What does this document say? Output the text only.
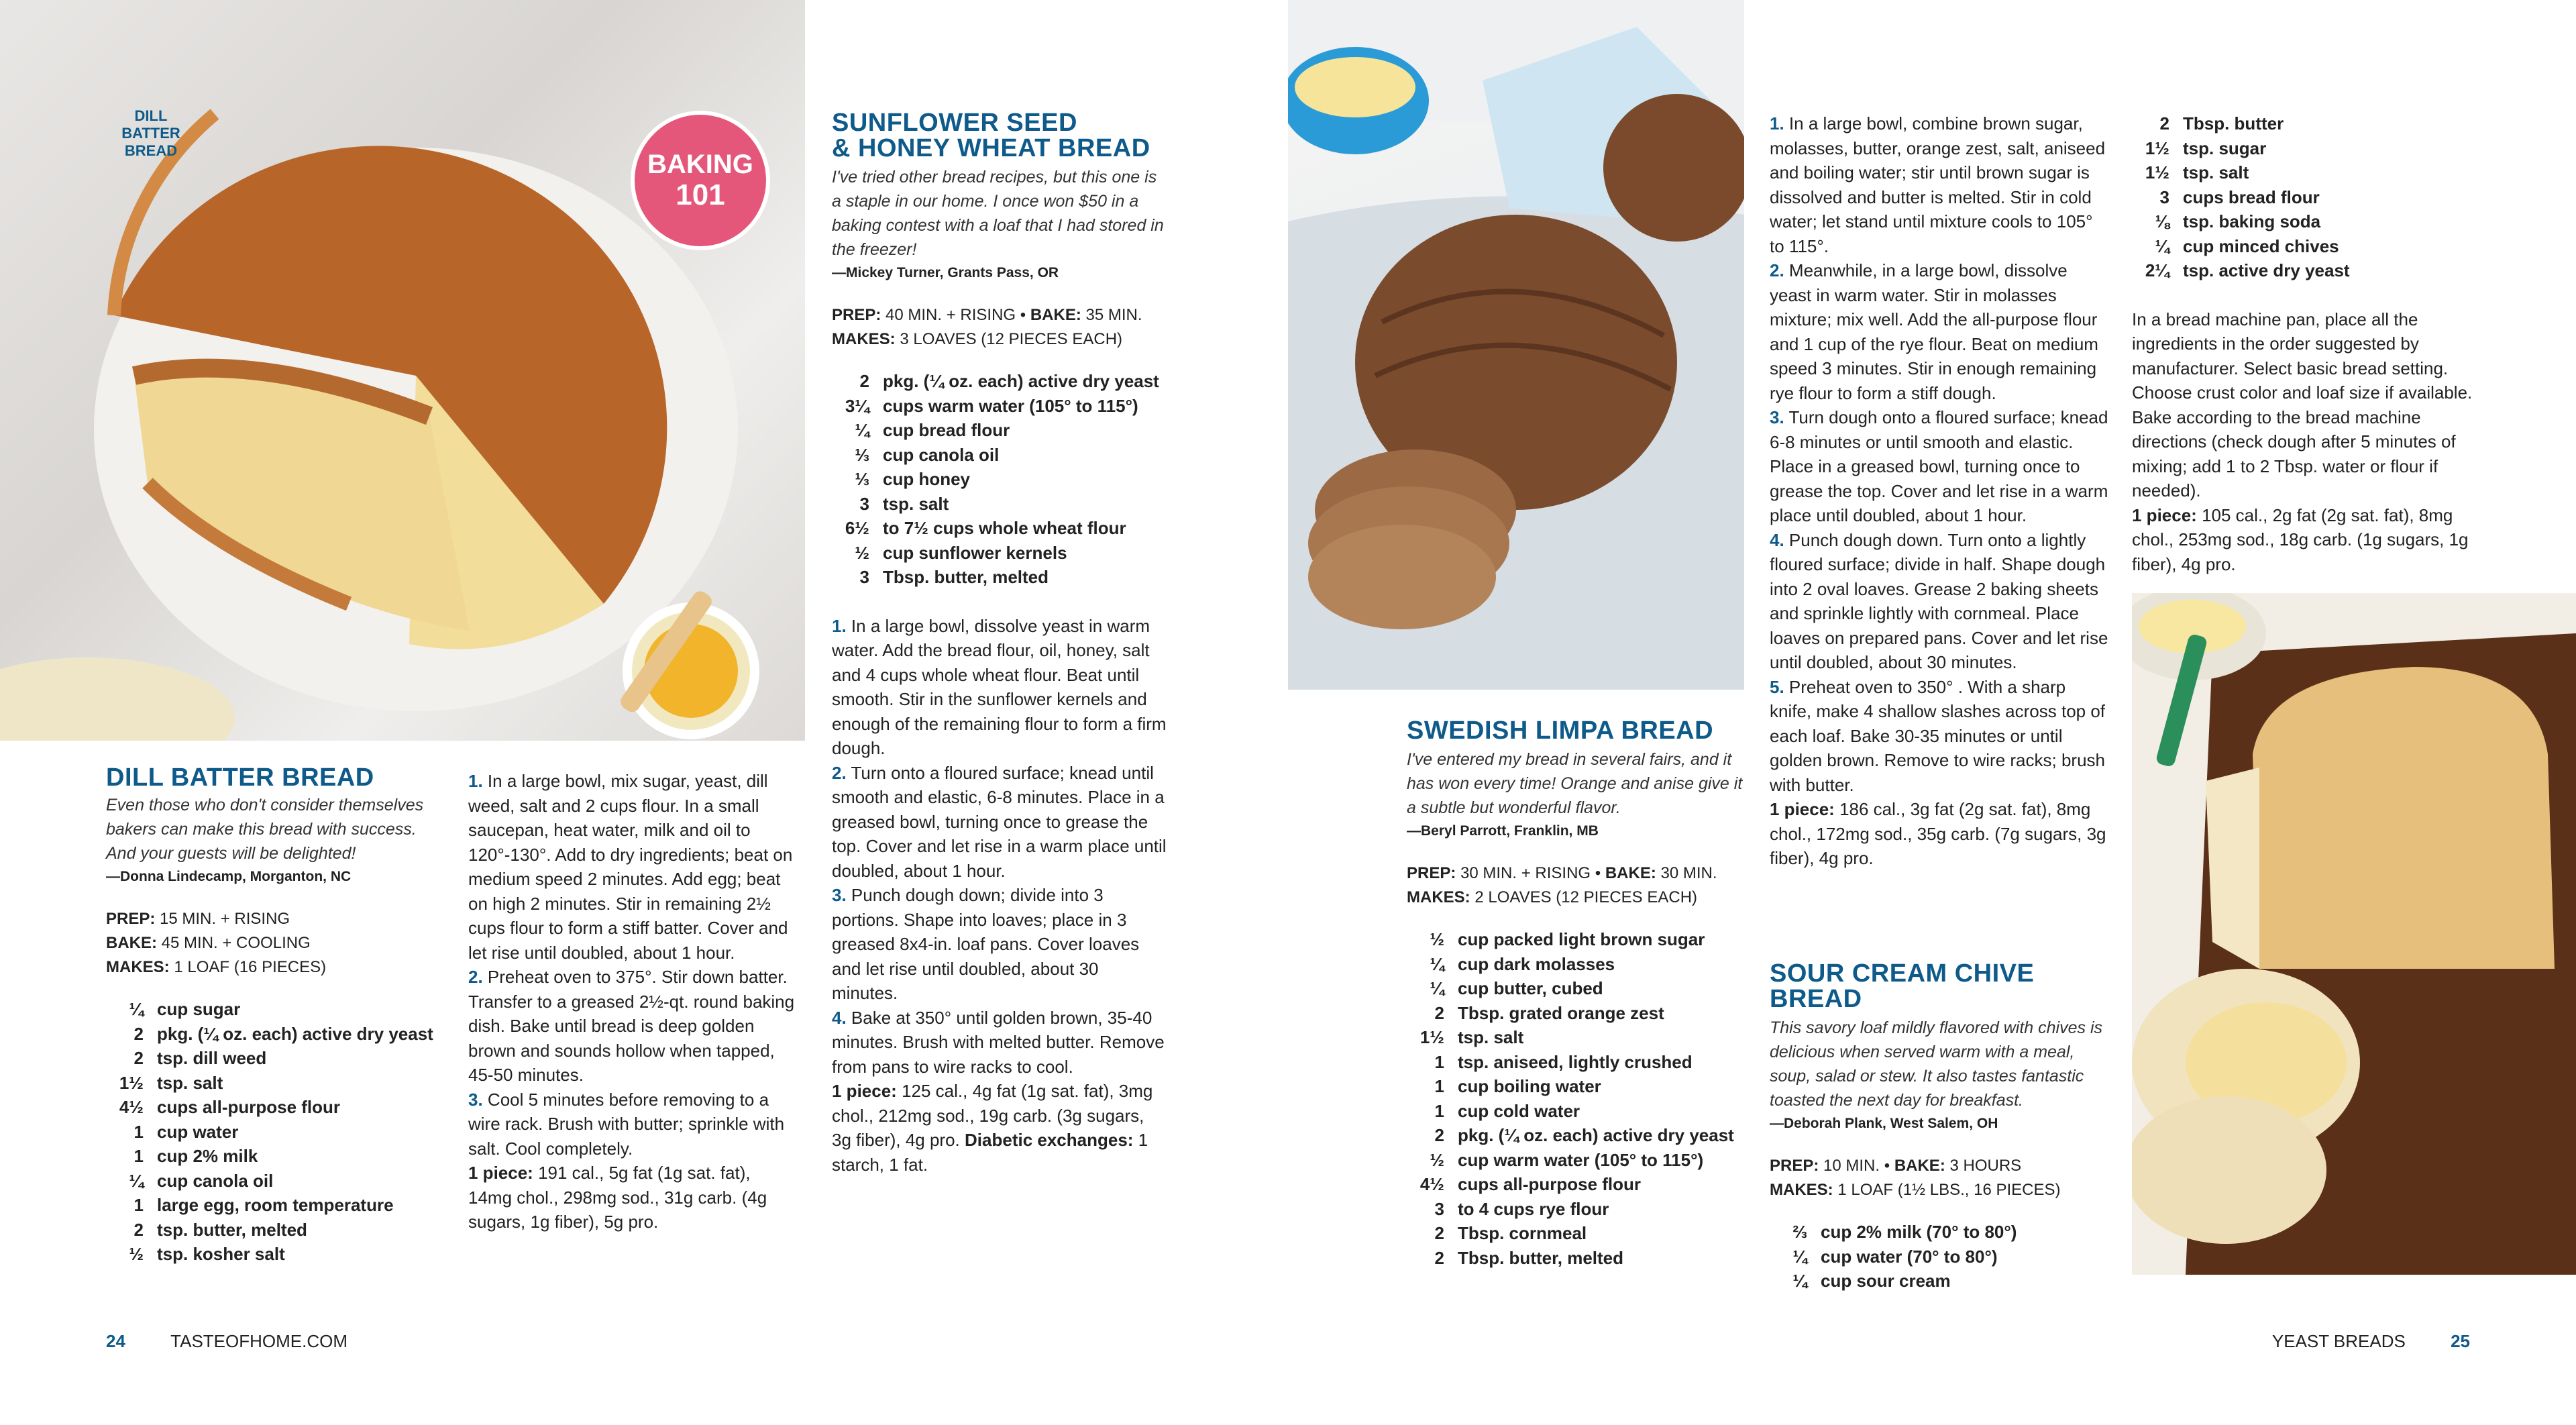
DILL BATTER BREAD	BAKING
101
DILL BATTER BREAD
Even those who don't consider themselves bakers can make this bread with success. And your guests will be delighted!
—Donna Lindecamp, Morganton, NC
PREP: 15 MIN. + RISING
BAKE: 45 MIN. + COOLING
MAKES: 1 LOAF (16 PIECES)
¼ cup sugar
2 pkg. (¼ oz. each) active dry yeast
2 tsp. dill weed
1½ tsp. salt
4½ cups all-purpose flour
1 cup water
1 cup 2% milk
¼ cup canola oil
1 large egg, room temperature
2 tsp. butter, melted
½ tsp. kosher salt

1. In a large bowl, mix sugar, yeast, dill weed, salt and 2 cups flour. In a small saucepan, heat water, milk and oil to 120°-130°. Add to dry ingredients; beat on medium speed 2 minutes. Add egg; beat on high 2 minutes. Stir in remaining 2½ cups flour to form a stiff batter. Cover and let rise until doubled, about 1 hour.

2. Preheat oven to 375°. Stir down batter. Transfer to a greased 2½-qt. round baking dish. Bake until bread is deep golden brown and sounds hollow when tapped, 45-50 minutes.

3. Cool 5 minutes before removing to a wire rack. Brush with butter; sprinkle with salt. Cool completely.

1 piece: 191 cal., 5g fat (1g sat. fat), 14mg chol., 298mg sod., 31g carb. (4g sugars, 1g fiber), 5g pro.

SUNFLOWER SEED
& HONEY WHEAT BREAD
I've tried other bread recipes, but this one is a staple in our home. I once won $50 in a baking contest with a loaf that I had stored in the freezer!
—Mickey Turner, Grants Pass, OR
PREP: 40 MIN. + RISING • BAKE: 35 MIN.
MAKES: 3 LOAVES (12 PIECES EACH)
2 pkg. (¼ oz. each) active dry yeast
3¼ cups warm water (105° to 115°)
¼ cup bread flour
⅓ cup canola oil
⅓ cup honey
3 tsp. salt
6½ to 7½ cups whole wheat flour
½ cup sunflower kernels
3 Tbsp. butter, melted

1. In a large bowl, dissolve yeast in warm water. Add the bread flour, oil, honey, salt and 4 cups whole wheat flour. Beat until smooth. Stir in the sunflower kernels and enough of the remaining flour to form a firm dough.

2. Turn onto a floured surface; knead until smooth and elastic, 6-8 minutes. Place in a greased bowl, turning once to grease the top. Cover and let rise in a warm place until doubled, about 1 hour.

3. Punch dough down; divide into 3 portions. Shape into loaves; place in 3 greased 8x4-in. loaf pans. Cover loaves and let rise until doubled, about 30 minutes.

4. Bake at 350° until golden brown, 35-40 minutes. Brush with melted butter. Remove from pans to wire racks to cool.

1 piece: 125 cal., 4g fat (1g sat. fat), 3mg chol., 212mg sod., 19g carb. (3g sugars, 3g fiber), 4g pro. Diabetic exchanges: 1 starch, 1 fat.

SWEDISH LIMPA BREAD
I've entered my bread in several fairs, and it has won every time! Orange and anise give it a subtle but wonderful flavor.
—Beryl Parrott, Franklin, MB
PREP: 30 MIN. + RISING • BAKE: 30 MIN.
MAKES: 2 LOAVES (12 PIECES EACH)
½ cup packed light brown sugar
¼ cup dark molasses
¼ cup butter, cubed
2 Tbsp. grated orange zest
1½ tsp. salt
1 tsp. aniseed, lightly crushed
1 cup boiling water
1 cup cold water
2 pkg. (¼ oz. each) active dry yeast
½ cup warm water (105° to 115°)
4½ cups all-purpose flour
3 to 4 cups rye flour
2 Tbsp. cornmeal
2 Tbsp. butter, melted

1. In a large bowl, combine brown sugar, molasses, butter, orange zest, salt, aniseed and boiling water; stir until brown sugar is dissolved and butter is melted. Stir in cold water; let stand until mixture cools to 105° to 115°.

2. Meanwhile, in a large bowl, dissolve yeast in warm water. Stir in molasses mixture; mix well. Add the all-purpose flour and 1 cup of the rye flour. Beat on medium speed 3 minutes. Stir in enough remaining rye flour to form a stiff dough.

3. Turn dough onto a floured surface; knead 6-8 minutes or until smooth and elastic. Place in a greased bowl, turning once to grease the top. Cover and let rise in a warm place until doubled, about 1 hour.

4. Punch dough down. Turn onto a lightly floured surface; divide in half. Shape dough into 2 oval loaves. Grease 2 baking sheets and sprinkle lightly with cornmeal. Place loaves on prepared pans. Cover and let rise until doubled, about 30 minutes.

5. Preheat oven to 350° . With a sharp knife, make 4 shallow slashes across top of each loaf. Bake 30-35 minutes or until golden brown. Remove to wire racks; brush with butter.

1 piece: 186 cal., 3g fat (2g sat. fat), 8mg chol., 172mg sod., 35g carb. (7g sugars, 3g fiber), 4g pro.

SOUR CREAM CHIVE BREAD
This savory loaf mildly flavored with chives is delicious when served warm with a meal, soup, salad or stew. It also tastes fantastic toasted the next day for breakfast.
—Deborah Plank, West Salem, OH
PREP: 10 MIN. • BAKE: 3 HOURS
MAKES: 1 LOAF (1½ LBS., 16 PIECES)
⅔ cup 2% milk (70° to 80°)
¼ cup water (70° to 80°)
¼ cup sour cream
2 Tbsp. butter
1½ tsp. sugar
1½ tsp. salt
3 cups bread flour
⅛ tsp. baking soda
¼ cup minced chives
2¼ tsp. active dry yeast

In a bread machine pan, place all the ingredients in the order suggested by manufacturer. Select basic bread setting. Choose crust color and loaf size if available. Bake according to the bread machine directions (check dough after 5 minutes of mixing; add 1 to 2 Tbsp. water or flour if needed).

1 piece: 105 cal., 2g fat (2g sat. fat), 8mg chol., 253mg sod., 18g carb. (1g sugars, 1g fiber), 4g pro.

24	TASTEOFHOME.COM	YEAST BREADS	25
